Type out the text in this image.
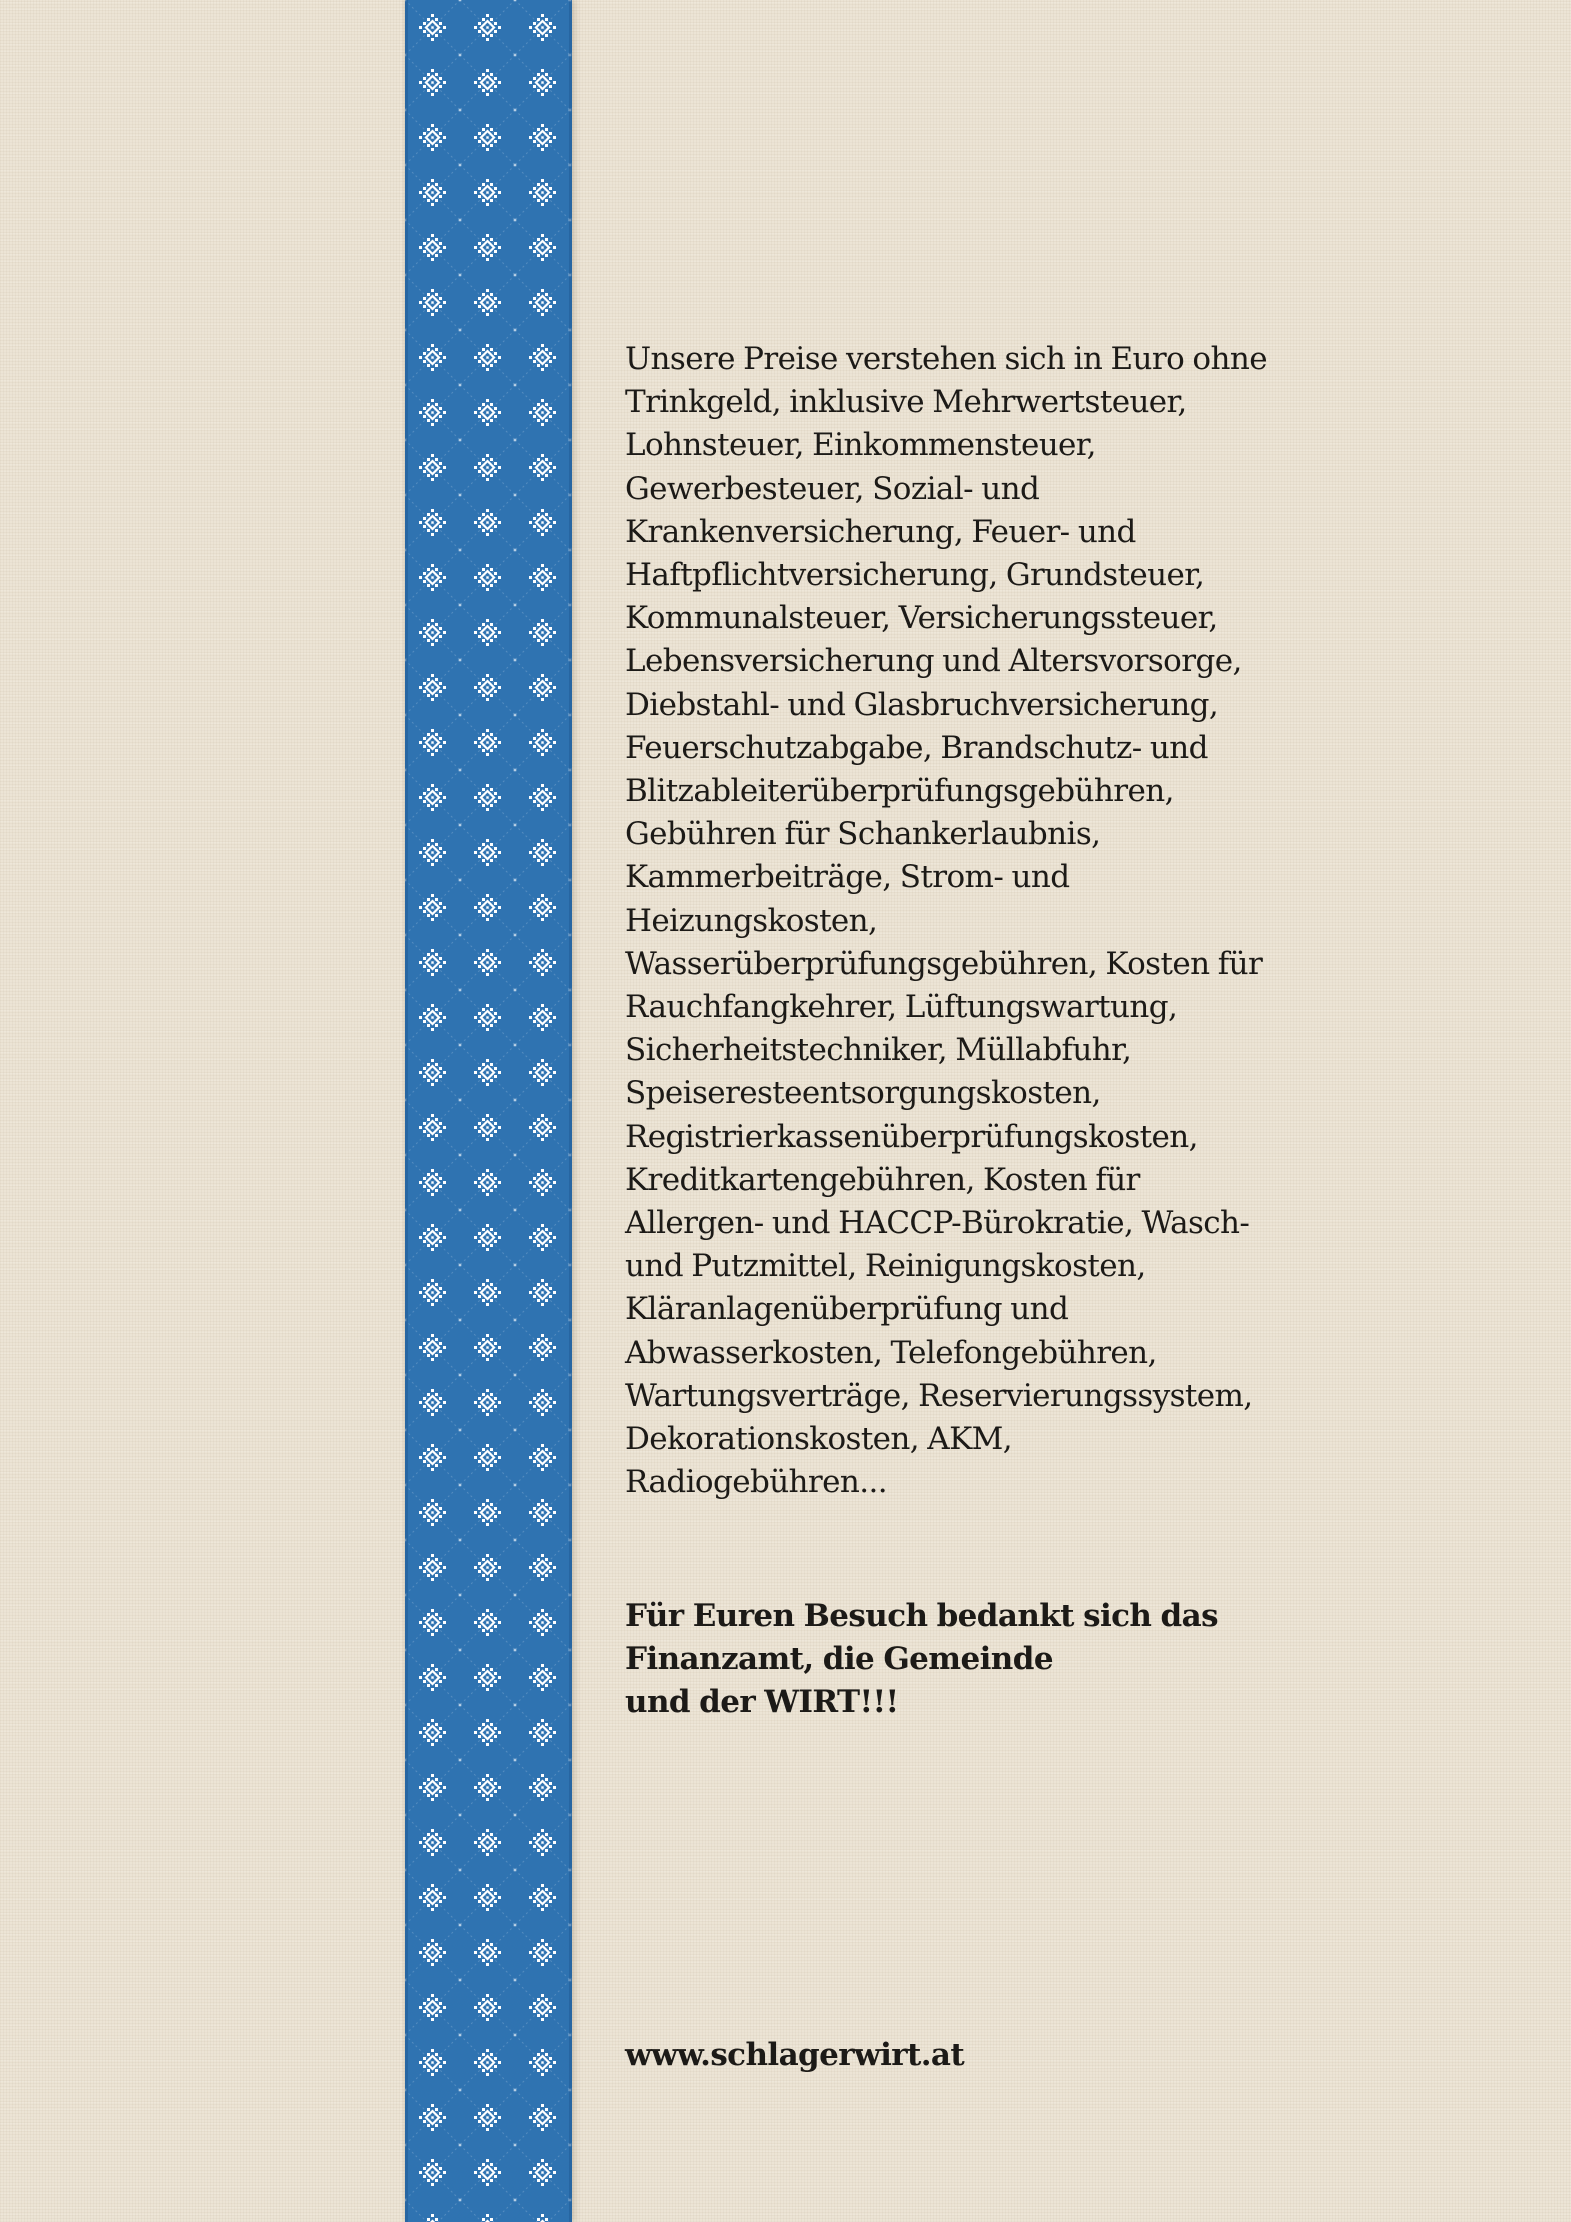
Unsere Preise verstehen sich in Euro ohne
Trinkgeld, inklusive Mehrwertsteuer,
Lohnsteuer, Einkommensteuer,
Gewerbesteuer, Sozial- und
Krankenversicherung, Feuer- und
Haftpflichtversicherung, Grundsteuer,
Kommunalsteuer, Versicherungssteuer,
Lebensversicherung und Altersvorsorge,
Diebstahl- und Glasbruchversicherung,
Feuerschutzabgabe, Brandschutz- und
Blitzableiterüberprüfungsgebühren,
Gebühren für Schankerlaubnis,
Kammerbeiträge, Strom- und
Heizungskosten,
Wasserüberprüfungsgebühren, Kosten für
Rauchfangkehrer, Lüftungswartung,
Sicherheitstechniker, Müllabfuhr,
Speiseresteentsorgungskosten,
Registrierkassenüberprüfungskosten,
Kreditkartengebühren, Kosten für
Allergen- und HACCP-Bürokratie, Wasch-
und Putzmittel, Reinigungskosten,
Kläranlagenüberprüfung und
Abwasserkosten, Telefongebühren,
Wartungsverträge, Reservierungssystem,
Dekorationskosten, AKM,
Radiogebühren...

Für Euren Besuch bedankt sich das
Finanzamt, die Gemeinde
und der WIRT!!!

www.schlagerwirt.at
